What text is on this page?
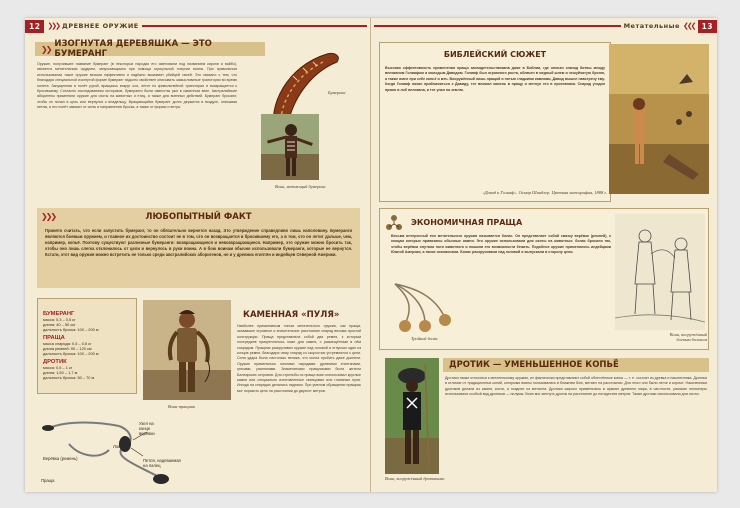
12	❯❯❯ ДРЕВНЕЕ ОРУЖИЕ
❯❯ ИЗОГНУТАЯ ДЕРЕВЯШКА — ЭТО БУМЕРАНГ
Оружие, получившее название бумеранг (в некоторых народах его именовали под названием кирони и вайбо), является метательным орудием, запускающимся при помощи мускульной энергии воина. При правильном использовании такое оружие весьма эффективно и надёжно выживает убийцей своей. Это связано с тем, что благодаря специальной изогнутой форме бумеранг надолго свойствен описывать замысловатые траектории во время полета. Запущенная в полёт рукой, вращаясь вокруг оси, летит по криволинейной траектории и возвращается к бросившему. Согласно исследованиям историков, бумеранги были известны уже в каменном веке. Австралийские аборигены применяли оружие для охоты на животных и птиц, а также для военных действий. Бумеранг бросают, чтобы он попал в цель или вернулся к владельцу. Вращающийся бумеранг долго держится в воздухе, описывая петлю, и его полёт зависит от силы и направления броска, а также от формы и ветра.
Бумеранг
Воин, метающий бумеранг
❯❯❯	ЛЮБОПЫТНЫЙ ФАКТ
Принято считать, что если запустить бумеранг, то он обязательно вернется назад. Это утверждение справедливо лишь наполовину. Бумеранги являются боевым оружием, и главное их достоинство состоит не в том, что он возвращается в бросившему его, а в том, что он летит дальше, чем, например, копьё. Поэтому существуют различные бумеранги: возвращающиеся и невозвращающиеся. Например, это оружие можно бросить так, чтобы оно лишь слегка отклонилось от цели и вернулось в руки воина. А в бою воинам обычно использовали бумеранги, которые не вернутся. Кстати, этот вид оружия можно встретить не только среди австралийских аборигенов, но и у древних египтян и индейцев Северной Америки.
БУМЕРАНГ
масса: 0,3 – 0,5 кг
длина: 40 – 50 см
дальность броска: 100 – 200 м
ПРАЩА
масса снаряда: 0,5 – 0,6 кг
длина ремней: 90 – 120 см
дальность броска: 100 – 200 м
ДРОТИК
масса: 0,5 – 1 кг
длина: 1,50 – 1,7 м
дальность броска: 50 – 70 м
Воин-пращник
КАМЕННАЯ «ПУЛЯ»
Наиболее примитивным типом метательного оружия, как праща, оказавшее огромное и значительное расстояние снаряд весьма простой конструкции. Праща представляла собой два ремня, к которым посередине прикреплялось ложе для камня, с размещённым в нём снарядом. Пращник раскручивал оружие над головой и отпускал один из концов ремня, благодаря чему снаряд со скоростью устремлялся к цели. Сила удара была настолько велика, что могла пробить даже доспехи. Оружие применялось многими народами: древними египтянами, греками, римлянами. Знаменитыми пращниками были жители Балеарских островов. Для стрельбы из пращи воин использовал круглые камни или специально изготовленные свинцовые или глиняные пули. Иногда на снарядах делались надписи. При умелом обращении пращник мог поразить цель на расстоянии до двухсот метров.
Узел на конце верёвки
Ложе
Верёвка (ремень)
Праща
Петля, надеваемая на палец
Метательные ❮❮❮ 13
БИБЛЕЙСКИЙ СЮЖЕТ
Высокая эффективность применения пращи засвидетельствована даже в Библии, где описан эпизод битвы между великаном Голиафом и молодым Давидом. Голиаф был огромного роста, облачен в медный шлем и чешуйчатую броню, а также имел при себе копьё и меч. Вооружённый лишь пращой и пятью гладкими камнями, Давид вышел навстречу ему. Когда Голиаф начал приближаться к Давиду, тот вложил камень в пращу и метнул его в противника. Снаряд угодил прямо в лоб великана, и тот упал на землю.
«Давид и Голиаф». Осмар Шиндлер. Цветная литография, 1888 г.
ЭКОНОМИЧНАЯ ПРАЩА
Весьма интересный тип метательного оружия называется болас. Он представляет собой связку верёвок (ремней), к концам которых привязаны обычные камни. Это оружие использовали для охоты на животных: болас бросали так, чтобы верёвки опутали ноги животного и лишили его возможности бежать. Подобное оружие применялось индейцами Южной Америки, а также эскимосами. Болас раскручивали над головой и выпускали в сторону цели.
Тройной болас
Воин, вооружённый боевым болоном
Воин, вооружённый дротиками
ДРОТИК — УМЕНЬШЕННОЕ КОПЬЁ
Дротики также относятся к метательному оружию, их фактически представляют собой облегчённые копья — т. е. состоят из древка и наконечника. Дротики в отличие от традиционных копий, которыми воины пользовались в ближнем бою, метают на расстоянии. Для этого они были легче и короче. Наконечники дротиков делали из камня, кости, а позднее из металла. Дротики широко применялись в армиях древнего мира, в частности, римские легионеры использовали особый вид дротиков — пилумы. Воин мог метнуть дротик на расстояние до пятидесяти метров. Также дротики использовали для охоты.
